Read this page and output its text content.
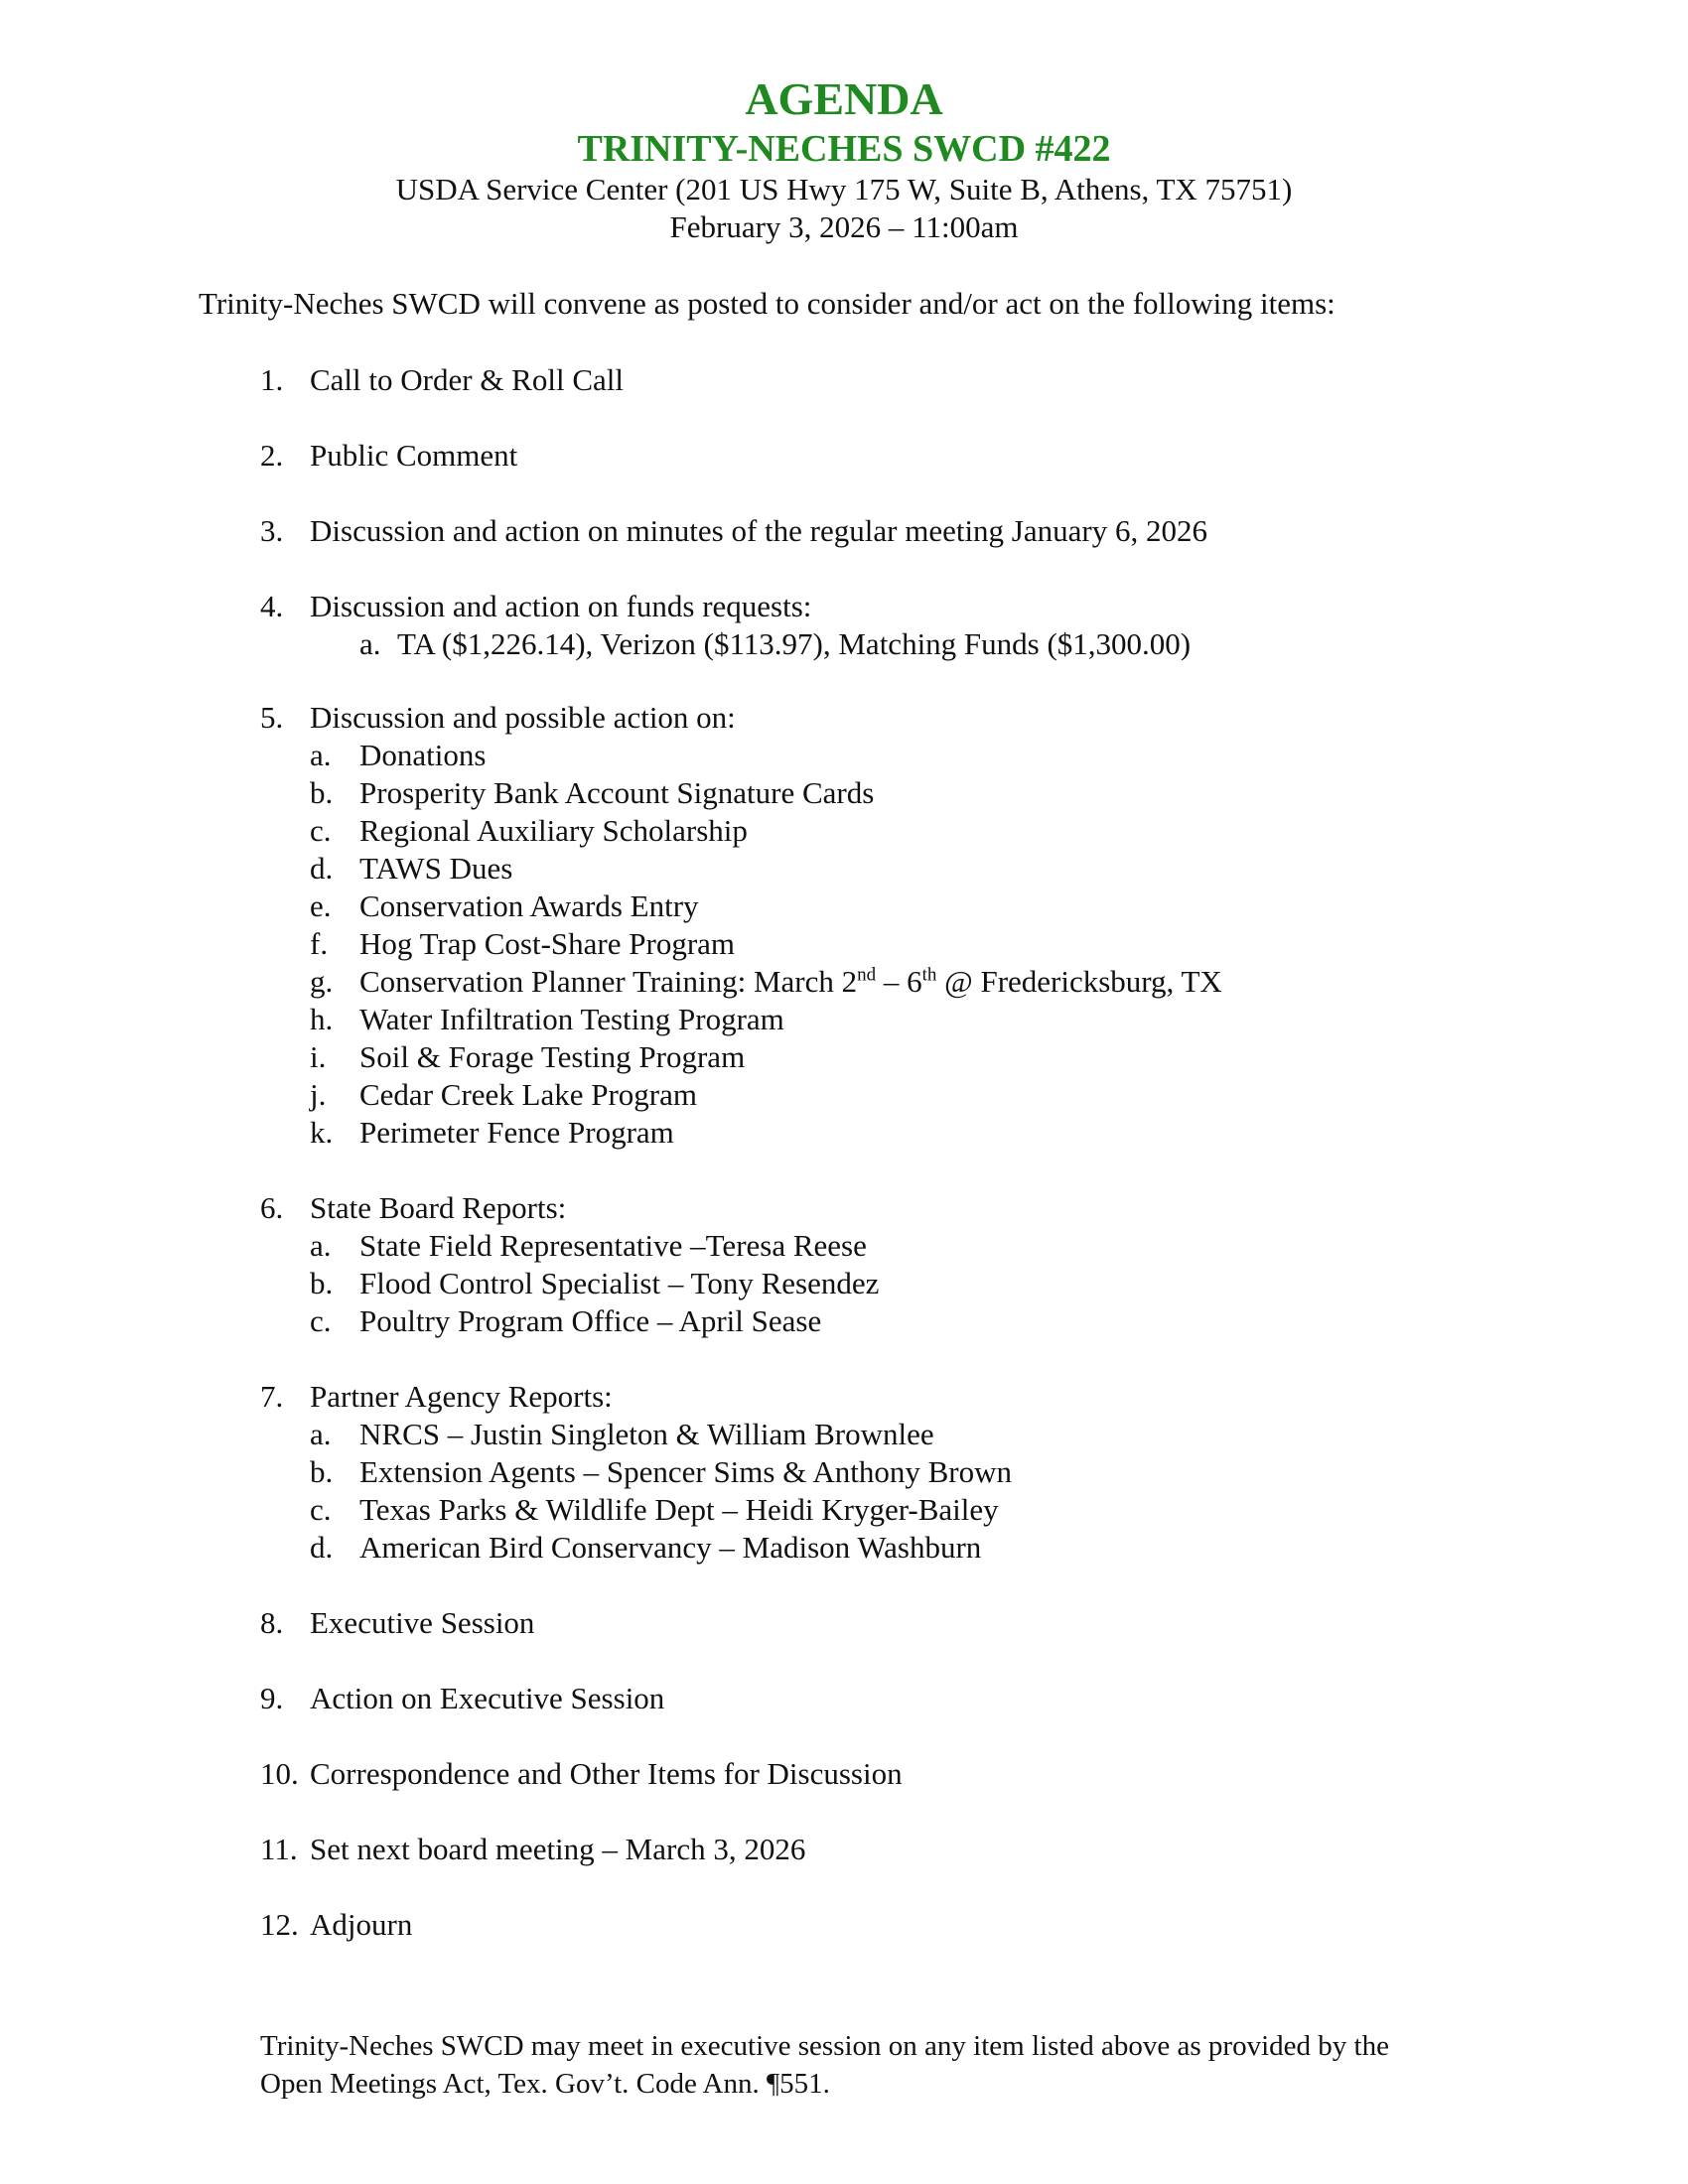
AGENDA
TRINITY-NECHES SWCD #422
USDA Service Center (201 US Hwy 175 W, Suite B, Athens, TX 75751)
February 3, 2026 – 11:00am
Trinity-Neches SWCD will convene as posted to consider and/or act on the following items:
1. Call to Order & Roll Call
2. Public Comment
3. Discussion and action on minutes of the regular meeting January 6, 2026
4. Discussion and action on funds requests:
a. TA ($1,226.14), Verizon ($113.97), Matching Funds ($1,300.00)
5. Discussion and possible action on:
a. Donations
b. Prosperity Bank Account Signature Cards
c. Regional Auxiliary Scholarship
d. TAWS Dues
e. Conservation Awards Entry
f. Hog Trap Cost-Share Program
g. Conservation Planner Training: March 2nd – 6th @ Fredericksburg, TX
h. Water Infiltration Testing Program
i. Soil & Forage Testing Program
j. Cedar Creek Lake Program
k. Perimeter Fence Program
6. State Board Reports:
a. State Field Representative –Teresa Reese
b. Flood Control Specialist – Tony Resendez
c. Poultry Program Office – April Sease
7. Partner Agency Reports:
a. NRCS – Justin Singleton & William Brownlee
b. Extension Agents – Spencer Sims & Anthony Brown
c. Texas Parks & Wildlife Dept – Heidi Kryger-Bailey
d. American Bird Conservancy – Madison Washburn
8. Executive Session
9. Action on Executive Session
10. Correspondence and Other Items for Discussion
11. Set next board meeting – March 3, 2026
12. Adjourn
Trinity-Neches SWCD may meet in executive session on any item listed above as provided by the
Open Meetings Act, Tex. Gov’t. Code Ann. ¶551.
